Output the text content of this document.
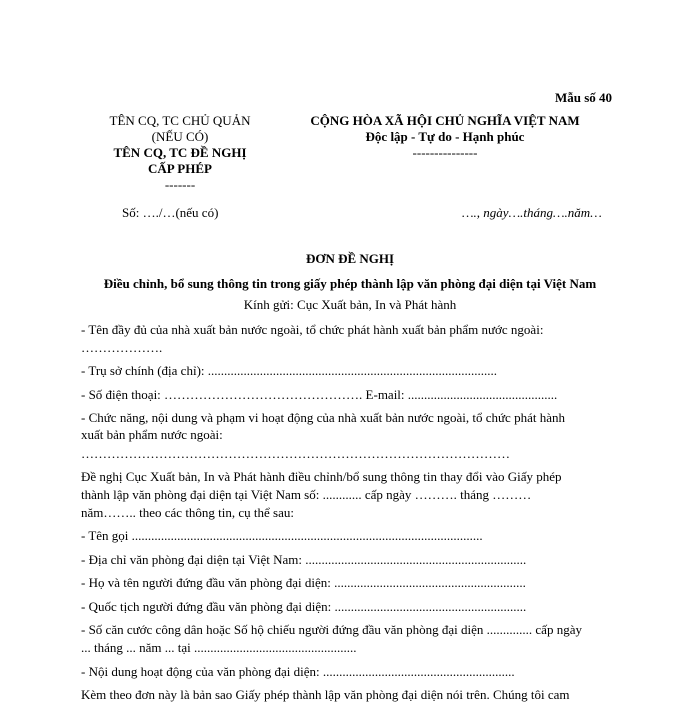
Mẫu số 40
TÊN CQ, TC CHỦ QUẢN
(NẾU CÓ)
TÊN CQ, TC ĐỀ NGHỊ
CẤP PHÉP
-------
Số: …./…(nếu có)
CỘNG HÒA XÃ HỘI CHỦ NGHĨA VIỆT NAM
Độc lập - Tự do - Hạnh phúc
---------------
…., ngày….tháng….năm…
ĐƠN ĐỀ NGHỊ
Điều chỉnh, bổ sung thông tin trong giấy phép thành lập văn phòng đại diện tại Việt Nam
Kính gửi: Cục Xuất bản, In và Phát hành
- Tên đầy đủ của nhà xuất bản nước ngoài, tổ chức phát hành xuất bản phẩm nước ngoài:
……………….
- Trụ sở chính (địa chỉ): .........................................................................................
- Số điện thoại: ………………………………………. E-mail: ..............................................
- Chức năng, nội dung và phạm vi hoạt động của nhà xuất bản nước ngoài, tổ chức phát hành
xuất bản phẩm nước ngoài:
………………………………………………………………………………………
Đề nghị Cục Xuất bản, In và Phát hành điều chỉnh/bổ sung thông tin thay đổi vào Giấy phép
thành lập văn phòng đại diện tại Việt Nam số: ............ cấp ngày ………. tháng ………
năm…….. theo các thông tin, cụ thể sau:
- Tên gọi ............................................................................................................
- Địa chỉ văn phòng đại diện tại Việt Nam: ....................................................................
- Họ và tên người đứng đầu văn phòng đại diện: ...........................................................
- Quốc tịch người đứng đầu văn phòng đại diện: ...........................................................
- Số căn cước công dân hoặc Số hộ chiếu người đứng đầu văn phòng đại diện .............. cấp ngày
... tháng ... năm ... tại ..................................................
- Nội dung hoạt động của văn phòng đại diện: ...........................................................
Kèm theo đơn này là bản sao Giấy phép thành lập văn phòng đại diện nói trên. Chúng tôi cam
